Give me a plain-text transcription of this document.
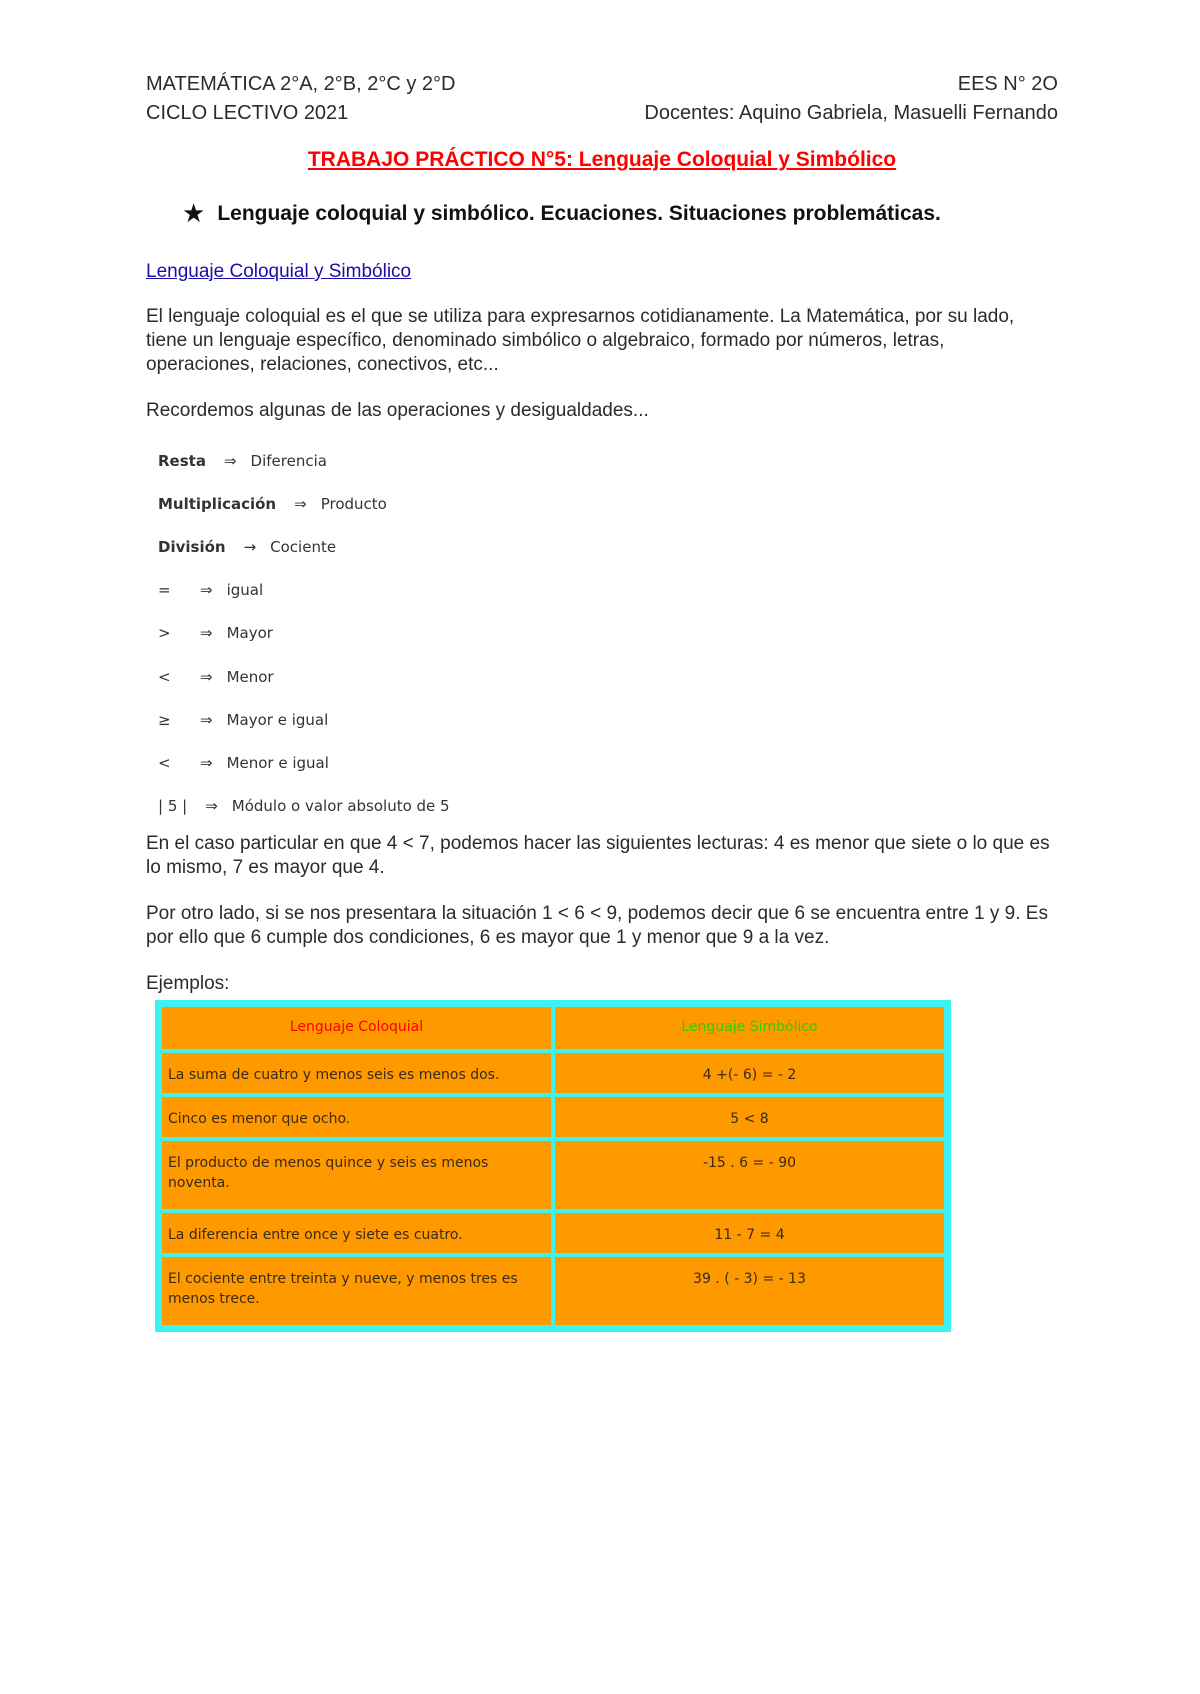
MATEMÁTICA 2°A, 2°B, 2°C y 2°D	EES N° 2O
CICLO LECTIVO 2021	Docentes: Aquino Gabriela, Masuelli Fernando
TRABAJO PRÁCTICO N°5: Lenguaje Coloquial y Simbólico
★ Lenguaje coloquial y simbólico. Ecuaciones. Situaciones problemáticas.
Lenguaje Coloquial y Simbólico

El lenguaje coloquial es el que se utiliza para expresarnos cotidianamente. La Matemática, por su lado, tiene un lenguaje específico, denominado simbólico o algebraico, formado por números, letras, operaciones, relaciones, conectivos, etc...

Recordemos algunas de las operaciones y desigualdades...

Resta ⇒ Diferencia
Multiplicación ⇒ Producto
División → Cociente
=	⇒ igual
>	⇒ Mayor
<	⇒ Menor
≥	⇒ Mayor e igual
<	⇒ Menor e igual
| 5 | ⇒ Módulo o valor absoluto de 5

En el caso particular en que 4 < 7, podemos hacer las siguientes lecturas: 4 es menor que siete o lo que es lo mismo, 7 es mayor que 4.

Por otro lado, si se nos presentara la situación 1 < 6 < 9, podemos decir que 6 se encuentra entre 1 y 9. Es por ello que 6 cumple dos condiciones, 6 es mayor que 1 y menor que 9 a la vez.

Ejemplos:

Lenguaje Coloquial	Lenguaje Simbólico
La suma de cuatro y menos seis es menos dos.	4 +(- 6) = - 2
Cinco es menor que ocho.	5 < 8
El producto de menos quince y seis es menos noventa.	-15 . 6 = - 90
La diferencia entre once y siete es cuatro.	11 - 7 = 4
El cociente entre treinta y nueve, y menos tres es menos trece.	39 . ( - 3) = - 13
